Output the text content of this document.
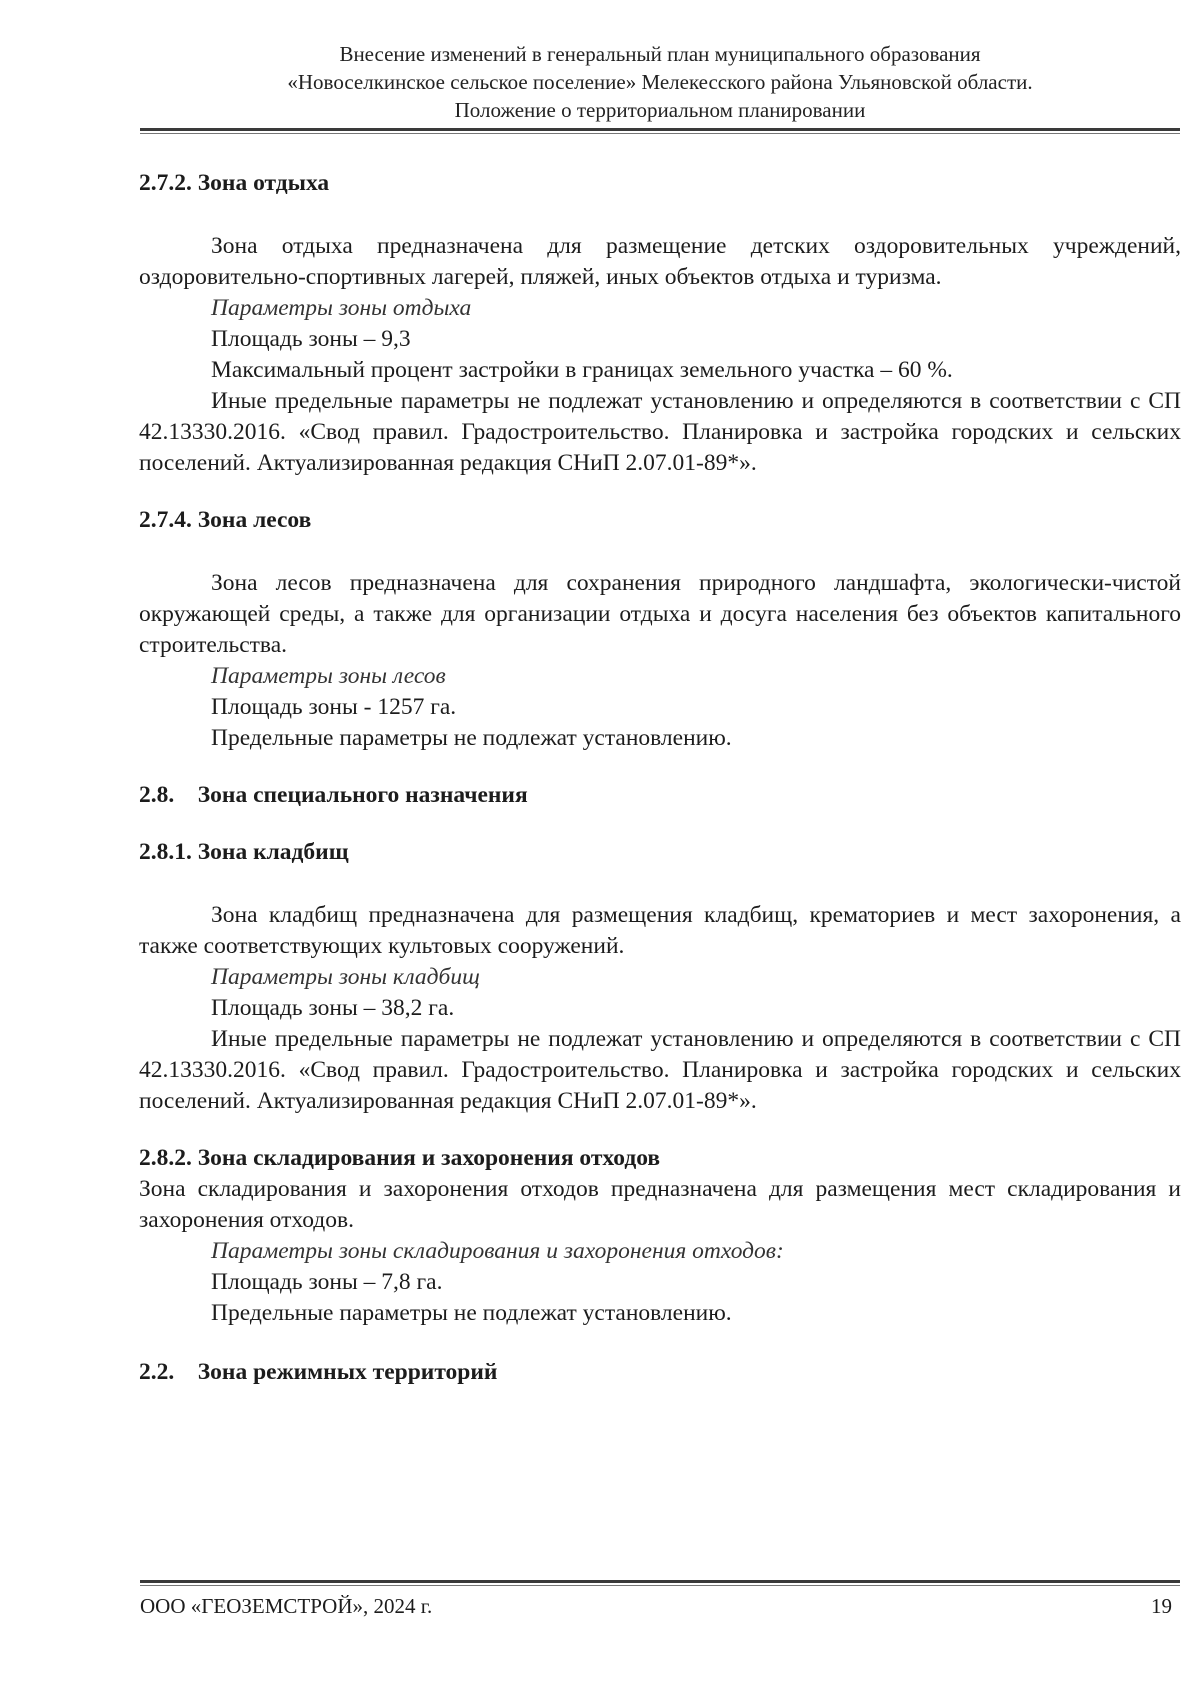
Внесение изменений в генеральный план муниципального образования
«Новоселкинское сельское поселение» Мелекесского района Ульяновской области.
Положение о территориальном планировании

2.7.2. Зона отдыха

Зона отдыха предназначена для размещение детских оздоровительных учреждений, оздоровительно-спортивных лагерей, пляжей, иных объектов отдыха и туризма.

Параметры зоны отдыха

Площадь зоны – 9,3

Максимальный процент застройки в границах земельного участка – 60 %.

Иные предельные параметры не подлежат установлению и определяются в соответствии с СП 42.13330.2016. «Свод правил. Градостроительство. Планировка и застройка городских и сельских поселений. Актуализированная редакция СНиП 2.07.01-89*».

2.7.4. Зона лесов

Зона лесов предназначена для сохранения природного ландшафта, экологически-чистой окружающей среды, а также для организации отдыха и досуга населения без объектов капитального строительства.

Параметры зоны лесов

Площадь зоны - 1257 га.

Предельные параметры не подлежат установлению.

2.8.    Зона специального назначения

2.8.1. Зона кладбищ

Зона кладбищ предназначена для размещения кладбищ, крематориев и мест захоронения, а также соответствующих культовых сооружений.

Параметры зоны кладбищ

Площадь зоны – 38,2 га.

Иные предельные параметры не подлежат установлению и определяются в соответствии с СП 42.13330.2016. «Свод правил. Градостроительство. Планировка и застройка городских и сельских поселений. Актуализированная редакция СНиП 2.07.01-89*».

2.8.2. Зона складирования и захоронения отходов

Зона складирования и захоронения отходов предназначена для размещения мест складирования и захоронения отходов.

Параметры зоны складирования и захоронения отходов:

Площадь зоны – 7,8 га.

Предельные параметры не подлежат установлению.

2.2.    Зона режимных территорий

ООО «ГЕОЗЕМСТРОЙ», 2024 г.	19
